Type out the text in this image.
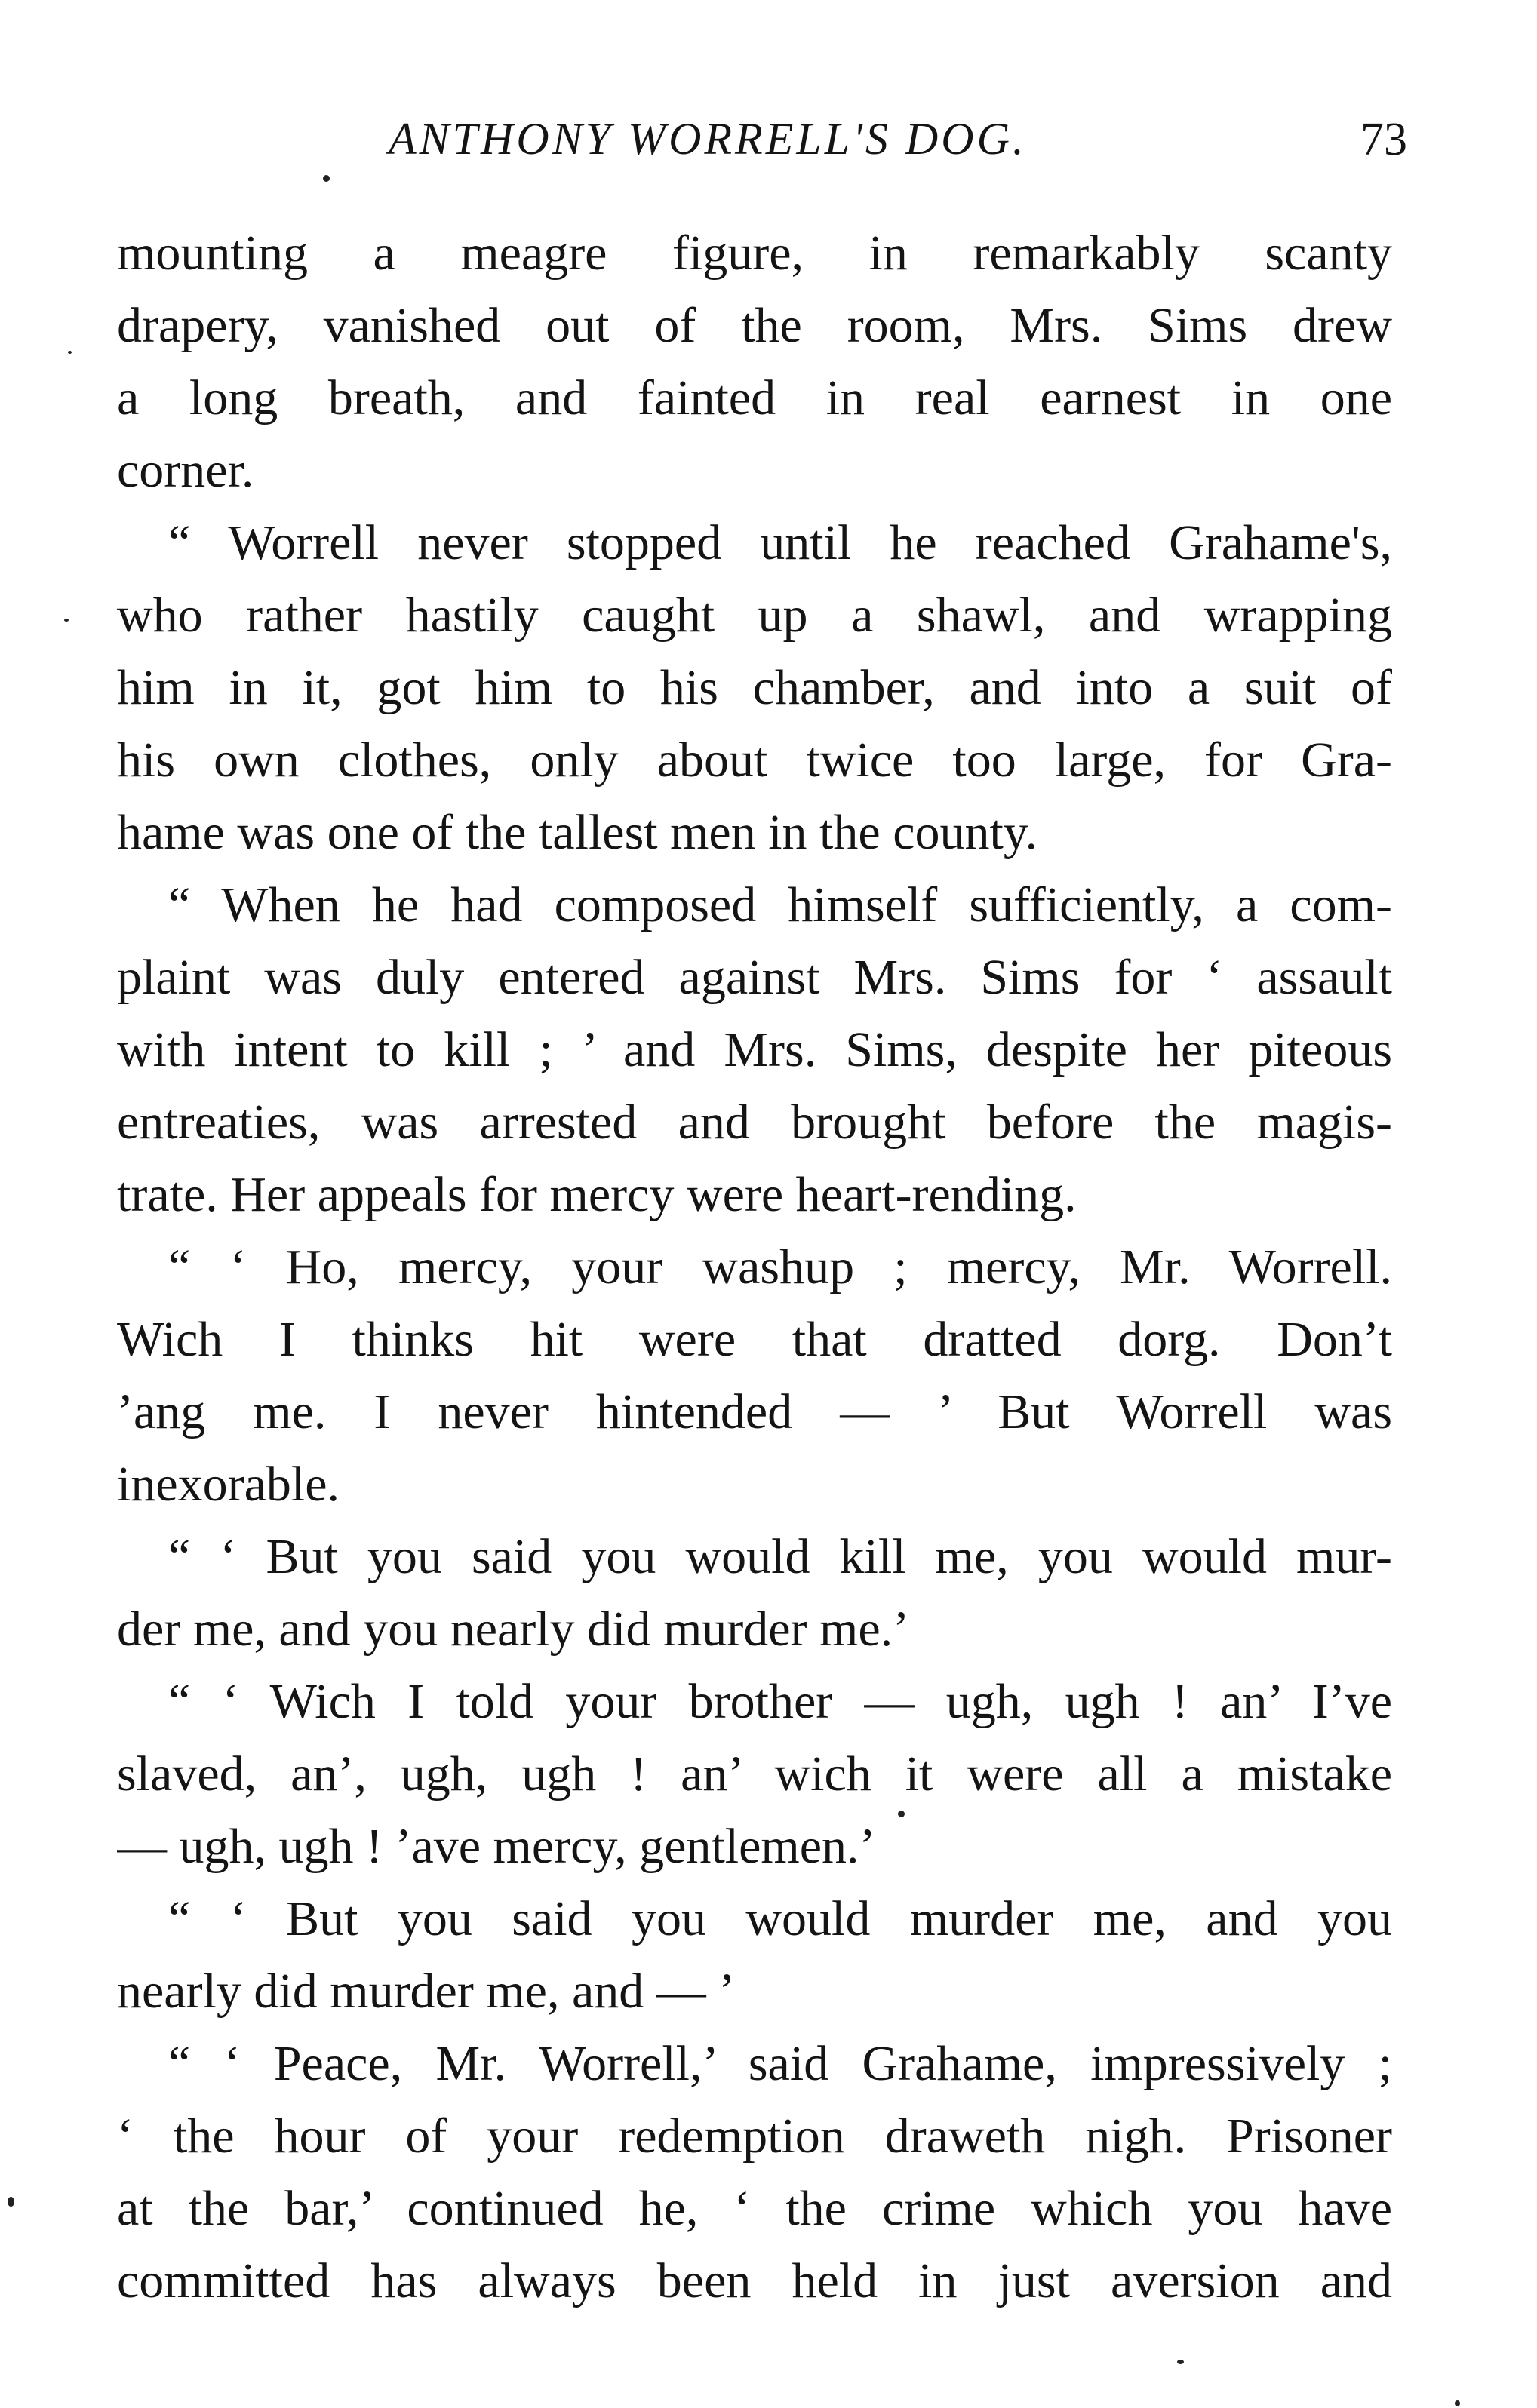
ANTHONY WORRELL'S DOG.	73
mounting a meagre figure, in remarkably scanty
drapery, vanished out of the room, Mrs. Sims drew
a long breath, and fainted in real earnest in one
corner.
“ Worrell never stopped until he reached Grahame's,
who rather hastily caught up a shawl, and wrapping
him in it, got him to his chamber, and into a suit of
his own clothes, only about twice too large, for Gra-
hame was one of the tallest men in the county.
“ When he had composed himself sufficiently, a com-
plaint was duly entered against Mrs. Sims for ‘ assault
with intent to kill ; ’ and Mrs. Sims, despite her piteous
entreaties, was arrested and brought before the magis-
trate. Her appeals for mercy were heart-rending.
“ ‘ Ho, mercy, your washup ; mercy, Mr. Worrell.
Wich I thinks hit were that dratted dorg. Don’t
’ang me. I never hintended — ’ But Worrell was
inexorable.
“ ‘ But you said you would kill me, you would mur-
der me, and you nearly did murder me.’
“ ‘ Wich I told your brother — ugh, ugh ! an’ I’ve
slaved, an’, ugh, ugh ! an’ wich it were all a mistake
— ugh, ugh ! ’ave mercy, gentlemen.’
“ ‘ But you said you would murder me, and you
nearly did murder me, and — ’
“ ‘ Peace, Mr. Worrell,’ said Grahame, impressively ;
‘ the hour of your redemption draweth nigh. Prisoner
at the bar,’ continued he, ‘ the crime which you have
committed has always been held in just aversion and
